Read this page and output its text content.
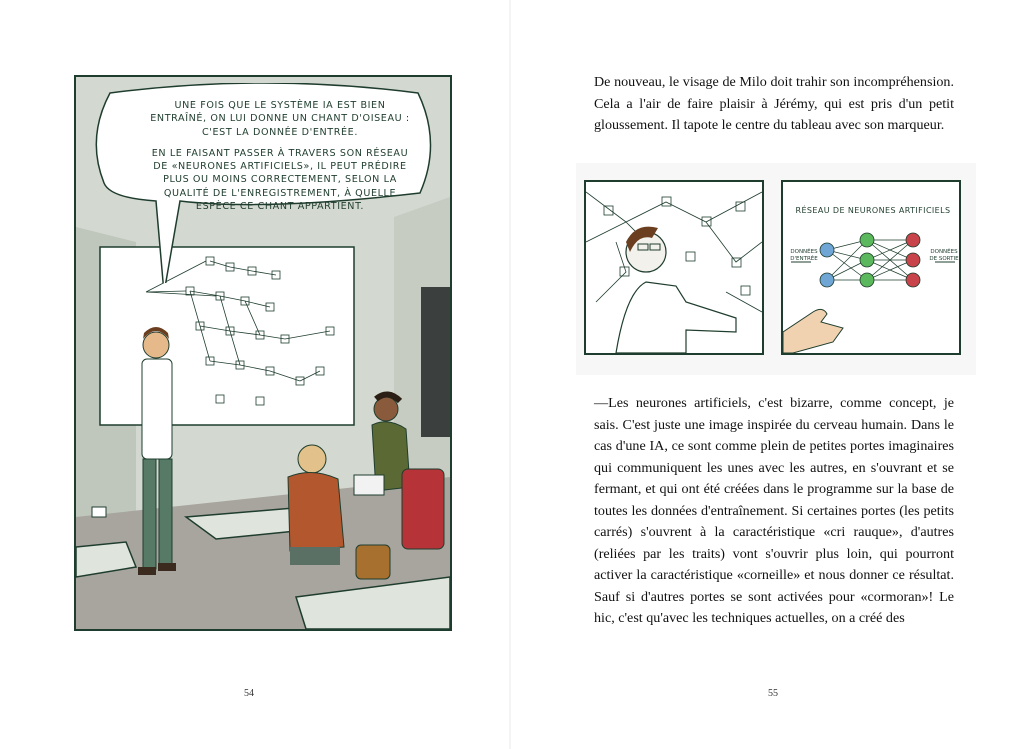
UNE FOIS QUE LE SYSTÈME IA EST BIEN ENTRAÎNÉ, ON LUI DONNE UN CHANT D'OISEAU : C'EST LA DONNÉE D'ENTRÉE.

EN LE FAISANT PASSER À TRAVERS SON RÉSEAU DE «NEURONES ARTIFICIELS», IL PEUT PRÉDIRE PLUS OU MOINS CORRECTEMENT, SELON LA QUALITÉ DE L'ENREGISTREMENT, À QUELLE ESPÈCE CE CHANT APPARTIENT.

54

De nouveau, le visage de Milo doit trahir son incompréhension. Cela a l'air de faire plaisir à Jérémy, qui est pris d'un petit gloussement. Il tapote le centre du tableau avec son marqueur.

RÉSEAU DE NEURONES ARTIFICIELS
DONNÉES D'ENTRÉE
DONNÉES DE SORTIE

—Les neurones artificiels, c'est bizarre, comme concept, je sais. C'est juste une image inspirée du cerveau humain. Dans le cas d'une IA, ce sont comme plein de petites portes imaginaires qui communiquent les unes avec les autres, en s'ouvrant et se fermant, et qui ont été créées dans le programme sur la base de toutes les données d'entraînement. Si certaines portes (les petits carrés) s'ouvrent à la caractéristique «cri rauque», d'autres (reliées par les traits) vont s'ouvrir plus loin, qui pourront activer la caractéristique «corneille» et nous donner ce résultat. Sauf si d'autres portes se sont activées pour «cormoran»! Le hic, c'est qu'avec les techniques actuelles, on a créé des

55
